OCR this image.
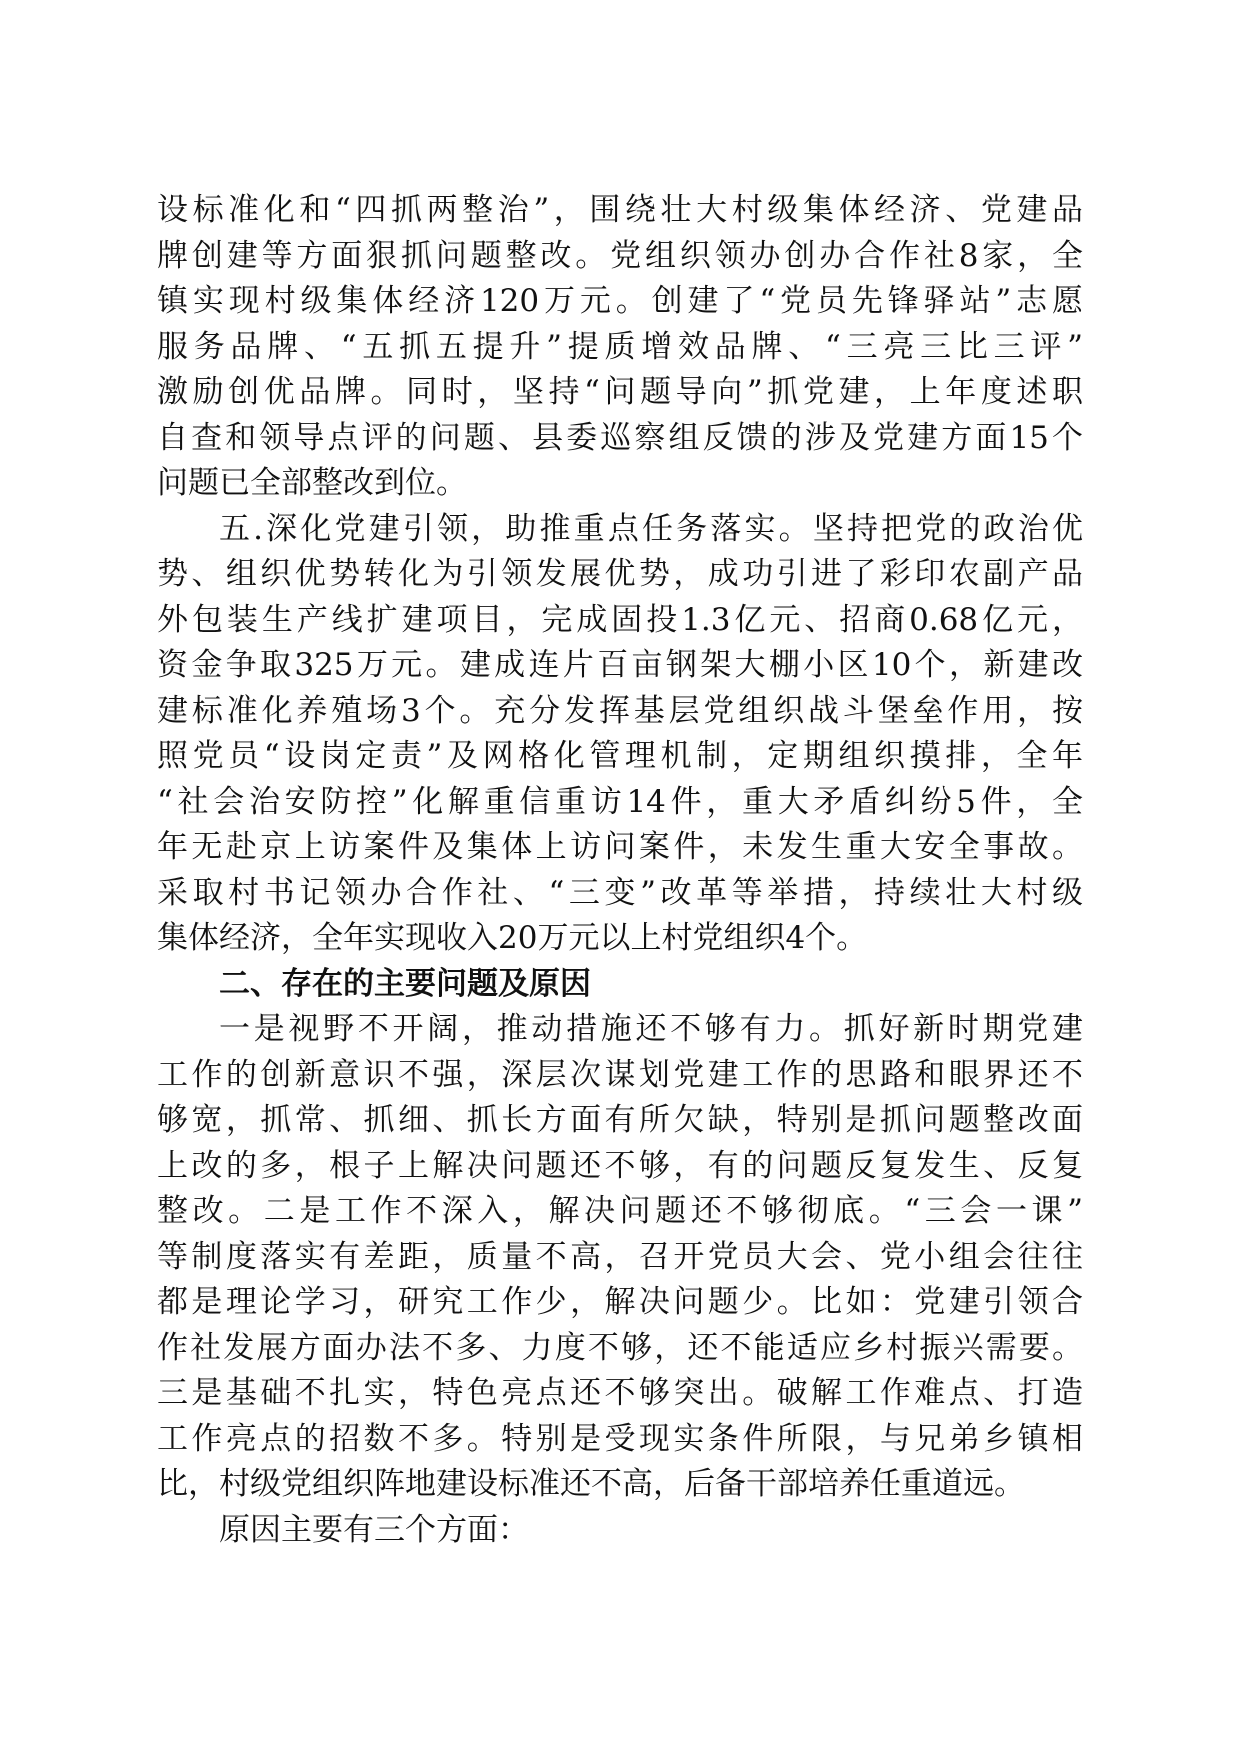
设标准化和“四抓两整治”，围绕壮大村级集体经济、党建品
牌创建等方面狠抓问题整改。党组织领办创办合作社8家，全
镇实现村级集体经济120万元。创建了“党员先锋驿站”志愿
服务品牌、“五抓五提升”提质增效品牌、“三亮三比三评”
激励创优品牌。同时，坚持“问题导向”抓党建，上年度述职
自查和领导点评的问题、县委巡察组反馈的涉及党建方面15个
问题已全部整改到位。
五.深化党建引领，助推重点任务落实。坚持把党的政治优
势、组织优势转化为引领发展优势，成功引进了彩印农副产品
外包装生产线扩建项目，完成固投1.3亿元、招商0.68亿元，
资金争取325万元。建成连片百亩钢架大棚小区10个，新建改
建标准化养殖场3个。充分发挥基层党组织战斗堡垒作用，按
照党员“设岗定责”及网格化管理机制，定期组织摸排，全年
“社会治安防控”化解重信重访14件，重大矛盾纠纷5件，全
年无赴京上访案件及集体上访问案件，未发生重大安全事故。
采取村书记领办合作社、“三变”改革等举措，持续壮大村级
集体经济，全年实现收入20万元以上村党组织4个。
二、存在的主要问题及原因
一是视野不开阔，推动措施还不够有力。抓好新时期党建
工作的创新意识不强，深层次谋划党建工作的思路和眼界还不
够宽，抓常、抓细、抓长方面有所欠缺，特别是抓问题整改面
上改的多，根子上解决问题还不够，有的问题反复发生、反复
整改。二是工作不深入，解决问题还不够彻底。“三会一课”
等制度落实有差距，质量不高，召开党员大会、党小组会往往
都是理论学习，研究工作少，解决问题少。比如：党建引领合
作社发展方面办法不多、力度不够，还不能适应乡村振兴需要。
三是基础不扎实，特色亮点还不够突出。破解工作难点、打造
工作亮点的招数不多。特别是受现实条件所限，与兄弟乡镇相
比，村级党组织阵地建设标准还不高，后备干部培养任重道远。
原因主要有三个方面：
